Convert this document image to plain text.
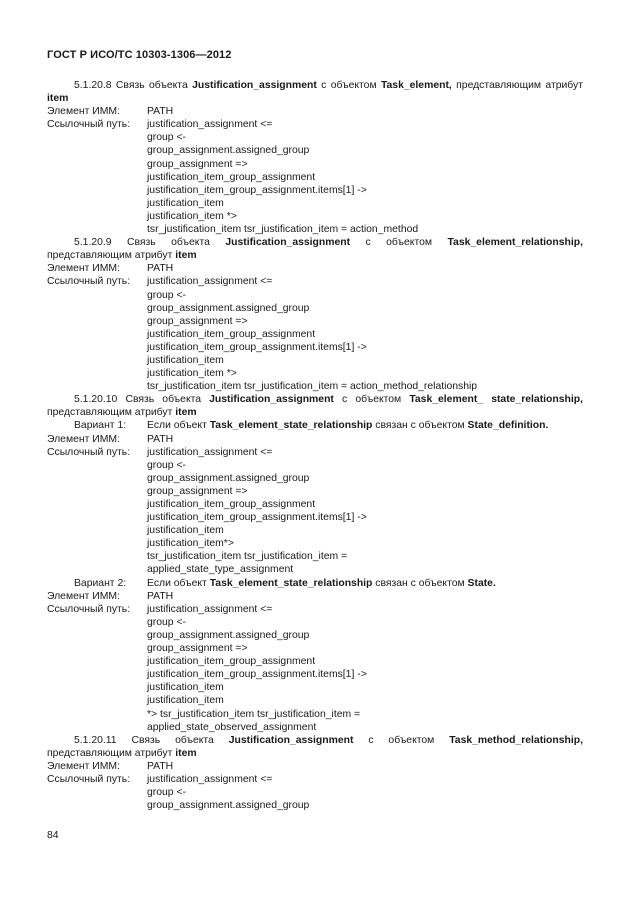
ГОСТ Р ИСО/ТС 10303-1306—2012
5.1.20.8 Связь объекта Justification_assignment с объектом Task_element, представляющим атрибут item
Элемент ИММ:	PATH
Ссылочный путь:	justification_assignment <=
group <-
group_assignment.assigned_group
group_assignment =>
justification_item_group_assignment
justification_item_group_assignment.items[1] ->
justification_item
justification_item *>
tsr_justification_item tsr_justification_item = action_method
5.1.20.9 Связь объекта Justification_assignment с объектом Task_element_relationship, представляющим атрибут item
Элемент ИММ:	PATH
Ссылочный путь:	justification_assignment <=
group <-
group_assignment.assigned_group
group_assignment =>
justification_item_group_assignment
justification_item_group_assignment.items[1] ->
justification_item
justification_item *>
tsr_justification_item tsr_justification_item = action_method_relationship
5.1.20.10 Связь объекта Justification_assignment с объектом Task_element_ state_relationship, представляющим атрибут item
Вариант 1:	Если объект Task_element_state_relationship связан с объектом State_definition.
Элемент ИММ:	PATH
Ссылочный путь:	justification_assignment <=
group <-
group_assignment.assigned_group
group_assignment =>
justification_item_group_assignment
justification_item_group_assignment.items[1] ->
justification_item
justification_item*>
tsr_justification_item tsr_justification_item =
applied_state_type_assignment
Вариант 2:	Если объект Task_element_state_relationship связан с объектом State.
Элемент ИММ:	PATH
Ссылочный путь:	justification_assignment <=
group <-
group_assignment.assigned_group
group_assignment =>
justification_item_group_assignment
justification_item_group_assignment.items[1] ->
justification_item
justification_item
*> tsr_justification_item tsr_justification_item =
applied_state_observed_assignment
5.1.20.11 Связь объекта Justification_assignment с объектом Task_method_relationship, представляющим атрибут item
Элемент ИММ:	PATH
Ссылочный путь:	justification_assignment <=
group <-
group_assignment.assigned_group
84
